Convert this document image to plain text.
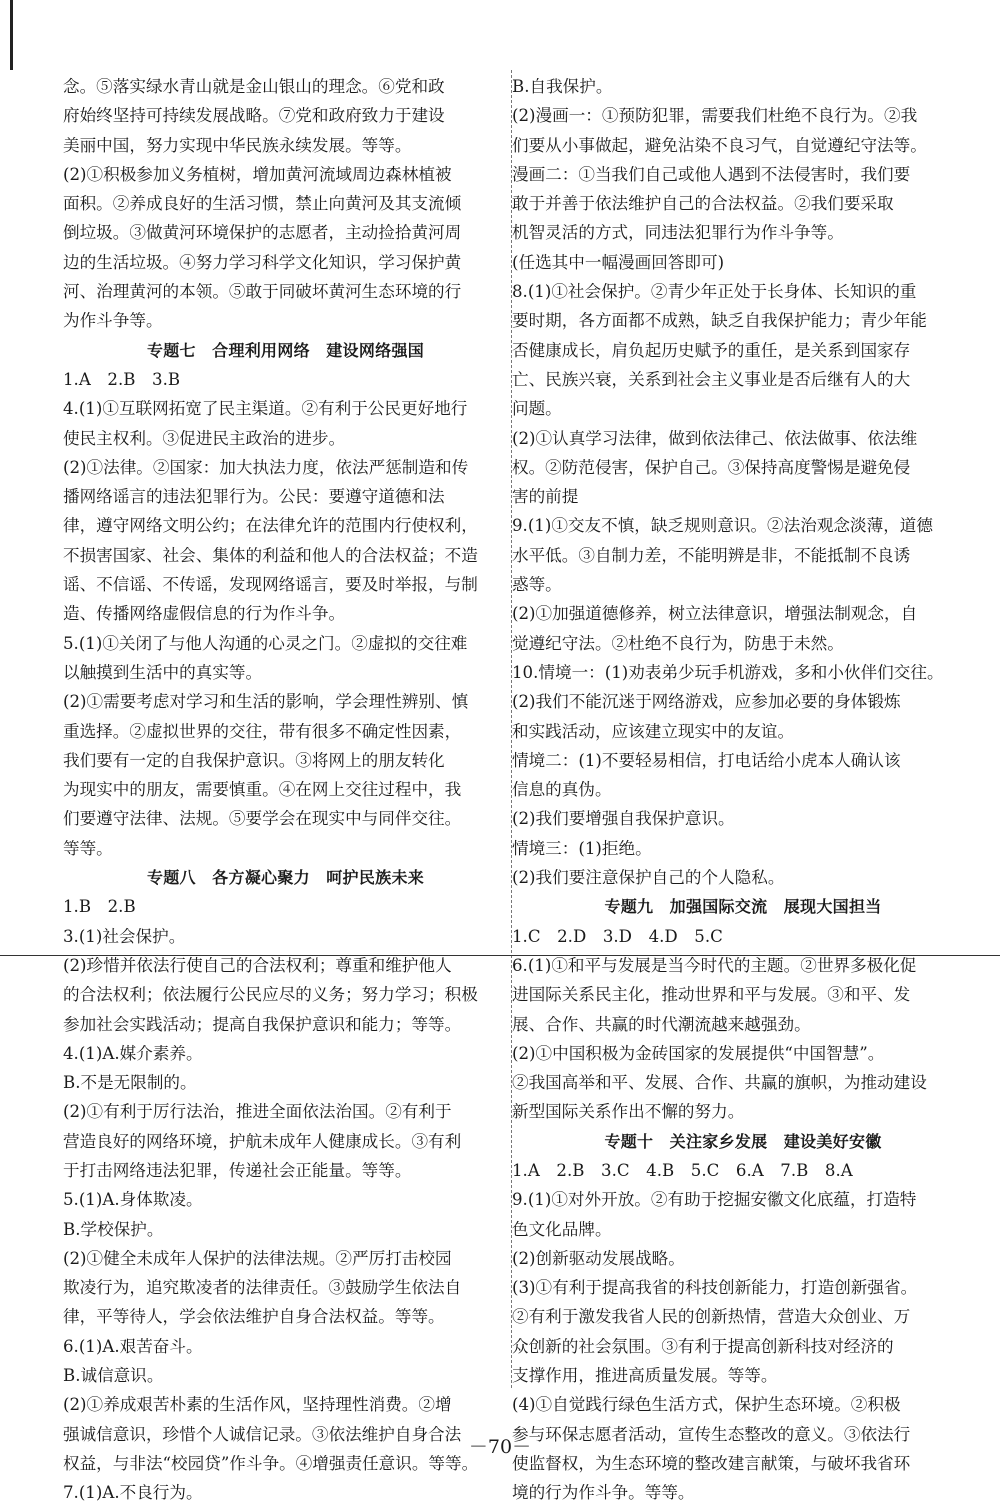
念。⑤落实绿水青山就是金山银山的理念。⑥党和政
府始终坚持可持续发展战略。⑦党和政府致力于建设
美丽中国，努力实现中华民族永续发展。等等。
(2)①积极参加义务植树，增加黄河流域周边森林植被
面积。②养成良好的生活习惯，禁止向黄河及其支流倾
倒垃圾。③做黄河环境保护的志愿者，主动捡拾黄河周
边的生活垃圾。④努力学习科学文化知识，学习保护黄
河、治理黄河的本领。⑤敢于同破坏黄河生态环境的行
为作斗争等。
专题七　合理利用网络　建设网络强国
1.A　2.B　3.B
4.(1)①互联网拓宽了民主渠道。②有利于公民更好地行
使民主权利。③促进民主政治的进步。
(2)①法律。②国家：加大执法力度，依法严惩制造和传
播网络谣言的违法犯罪行为。公民：要遵守道德和法
律，遵守网络文明公约；在法律允许的范围内行使权利，
不损害国家、社会、集体的利益和他人的合法权益；不造
谣、不信谣、不传谣，发现网络谣言，要及时举报，与制
造、传播网络虚假信息的行为作斗争。
5.(1)①关闭了与他人沟通的心灵之门。②虚拟的交往难
以触摸到生活中的真实等。
(2)①需要考虑对学习和生活的影响，学会理性辨别、慎
重选择。②虚拟世界的交往，带有很多不确定性因素，
我们要有一定的自我保护意识。③将网上的朋友转化
为现实中的朋友，需要慎重。④在网上交往过程中，我
们要遵守法律、法规。⑤要学会在现实中与同伴交往。
等等。
专题八　各方凝心聚力　呵护民族未来
1.B　2.B
3.(1)社会保护。
(2)珍惜并依法行使自己的合法权利；尊重和维护他人
的合法权利；依法履行公民应尽的义务；努力学习；积极
参加社会实践活动；提高自我保护意识和能力；等等。
4.(1)A.媒介素养。
B.不是无限制的。
(2)①有利于厉行法治，推进全面依法治国。②有利于
营造良好的网络环境，护航未成年人健康成长。③有利
于打击网络违法犯罪，传递社会正能量。等等。
5.(1)A.身体欺凌。
B.学校保护。
(2)①健全未成年人保护的法律法规。②严厉打击校园
欺凌行为，追究欺凌者的法律责任。③鼓励学生依法自
律，平等待人，学会依法维护自身合法权益。等等。
6.(1)A.艰苦奋斗。
B.诚信意识。
(2)①养成艰苦朴素的生活作风，坚持理性消费。②增
强诚信意识，珍惜个人诚信记录。③依法维护自身合法
权益，与非法“校园贷”作斗争。④增强责任意识。等等。
7.(1)A.不良行为。
B.自我保护。
(2)漫画一：①预防犯罪，需要我们杜绝不良行为。②我
们要从小事做起，避免沾染不良习气，自觉遵纪守法等。
漫画二：①当我们自己或他人遇到不法侵害时，我们要
敢于并善于依法维护自己的合法权益。②我们要采取
机智灵活的方式，同违法犯罪行为作斗争等。
(任选其中一幅漫画回答即可)
8.(1)①社会保护。②青少年正处于长身体、长知识的重
要时期，各方面都不成熟，缺乏自我保护能力；青少年能
否健康成长，肩负起历史赋予的重任，是关系到国家存
亡、民族兴衰，关系到社会主义事业是否后继有人的大
问题。
(2)①认真学习法律，做到依法律己、依法做事、依法维
权。②防范侵害，保护自己。③保持高度警惕是避免侵
害的前提
9.(1)①交友不慎，缺乏规则意识。②法治观念淡薄，道德
水平低。③自制力差，不能明辨是非，不能抵制不良诱
惑等。
(2)①加强道德修养，树立法律意识，增强法制观念，自
觉遵纪守法。②杜绝不良行为，防患于未然。
10.情境一：(1)劝表弟少玩手机游戏，多和小伙伴们交往。
(2)我们不能沉迷于网络游戏，应参加必要的身体锻炼
和实践活动，应该建立现实中的友谊。
情境二：(1)不要轻易相信，打电话给小虎本人确认该
信息的真伪。
(2)我们要增强自我保护意识。
情境三：(1)拒绝。
(2)我们要注意保护自己的个人隐私。
专题九　加强国际交流　展现大国担当
1.C　2.D　3.D　4.D　5.C
6.(1)①和平与发展是当今时代的主题。②世界多极化促
进国际关系民主化，推动世界和平与发展。③和平、发
展、合作、共赢的时代潮流越来越强劲。
(2)①中国积极为金砖国家的发展提供“中国智慧”。
②我国高举和平、发展、合作、共赢的旗帜，为推动建设
新型国际关系作出不懈的努力。
专题十　关注家乡发展　建设美好安徽
1.A　2.B　3.C　4.B　5.C　6.A　7.B　8.A
9.(1)①对外开放。②有助于挖掘安徽文化底蕴，打造特
色文化品牌。
(2)创新驱动发展战略。
(3)①有利于提高我省的科技创新能力，打造创新强省。
②有利于激发我省人民的创新热情，营造大众创业、万
众创新的社会氛围。③有利于提高创新科技对经济的
支撑作用，推进高质量发展。等等。
(4)①自觉践行绿色生活方式，保护生态环境。②积极
参与环保志愿者活动，宣传生态整改的意义。③依法行
使监督权，为生态环境的整改建言献策，与破坏我省环
境的行为作斗争。等等。
－70－
